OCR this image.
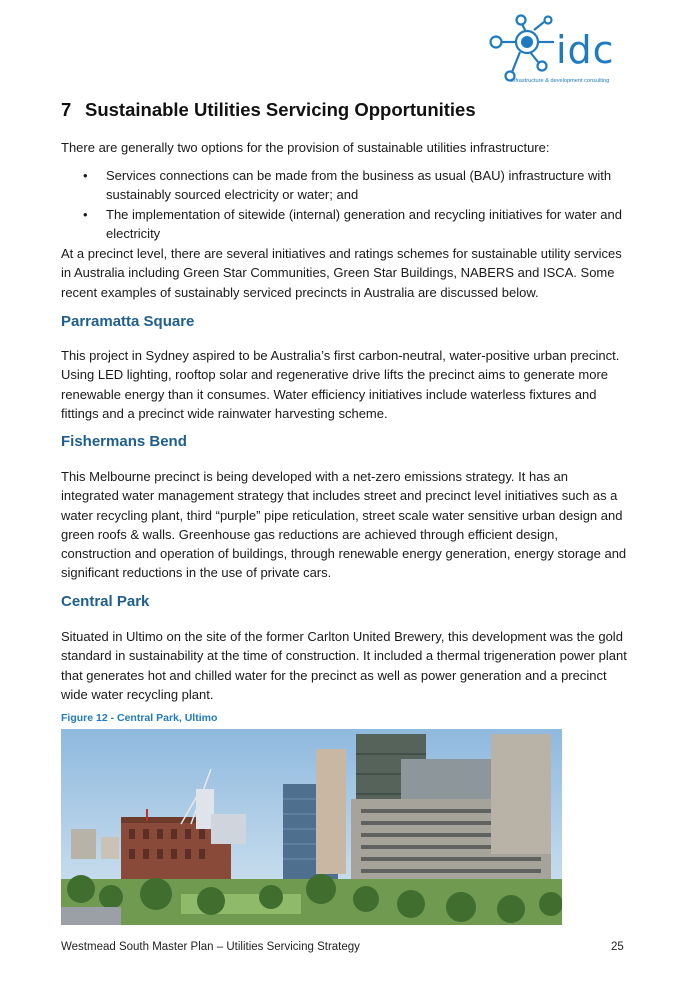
idc
infrastructure & development consulting
7 Sustainable Utilities Servicing Opportunities

There are generally two options for the provision of sustainable utilities infrastructure:

• Services connections can be made from the business as usual (BAU) infrastructure with sustainably sourced electricity or water; and
• The implementation of sitewide (internal) generation and recycling initiatives for water and electricity

At a precinct level, there are several initiatives and ratings schemes for sustainable utility services in Australia including Green Star Communities, Green Star Buildings, NABERS and ISCA. Some recent examples of sustainably serviced precincts in Australia are discussed below.

Parramatta Square

This project in Sydney aspired to be Australia’s first carbon-neutral, water-positive urban precinct. Using LED lighting, rooftop solar and regenerative drive lifts the precinct aims to generate more renewable energy than it consumes. Water efficiency initiatives include waterless fixtures and fittings and a precinct wide rainwater harvesting scheme.

Fishermans Bend

This Melbourne precinct is being developed with a net-zero emissions strategy. It has an integrated water management strategy that includes street and precinct level initiatives such as a water recycling plant, third “purple” pipe reticulation, street scale water sensitive urban design and green roofs & walls. Greenhouse gas reductions are achieved through efficient design, construction and operation of buildings, through renewable energy generation, energy storage and significant reductions in the use of private cars.

Central Park

Situated in Ultimo on the site of the former Carlton United Brewery, this development was the gold standard in sustainability at the time of construction. It included a thermal trigeneration power plant that generates hot and chilled water for the precinct as well as power generation and a precinct wide water recycling plant.

Figure 12 - Central Park, Ultimo
Westmead South Master Plan – Utilities Servicing Strategy	25
